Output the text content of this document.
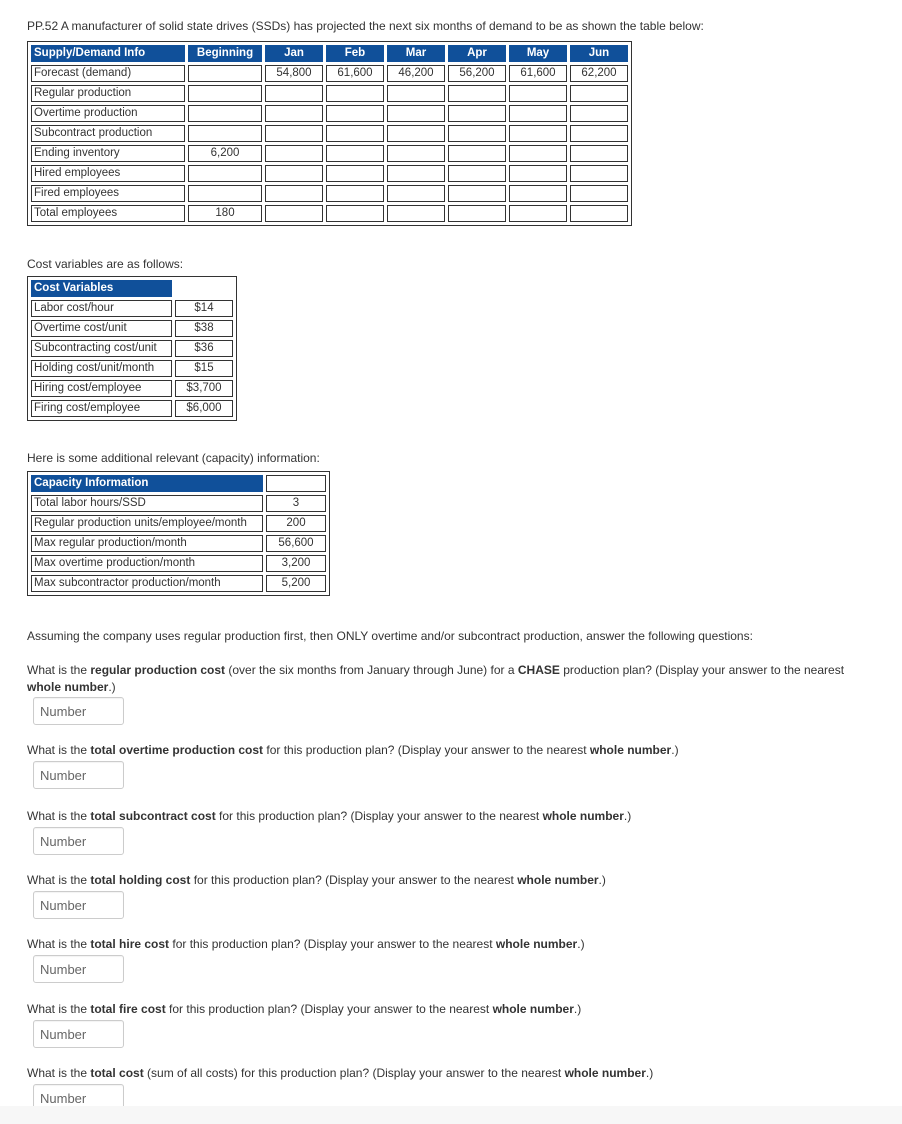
PP.52 A manufacturer of solid state drives (SSDs) has projected the next six months of demand to be as shown the table below:
Supply/Demand Info	Beginning	Jan	Feb	Mar	Apr	May	Jun
Forecast (demand)		54,800	61,600	46,200	56,200	61,600	62,200
Regular production							
Overtime production							
Subcontract production							
Ending inventory	6,200						
Hired employees							
Fired employees							
Total employees	180						
Cost variables are as follows:
Cost Variables	
Labor cost/hour	$14
Overtime cost/unit	$38
Subcontracting cost/unit	$36
Holding cost/unit/month	$15
Hiring cost/employee	$3,700
Firing cost/employee	$6,000
Here is some additional relevant (capacity) information:
Capacity Information	
Total labor hours/SSD	3
Regular production units/employee/month	200
Max regular production/month	56,600
Max overtime production/month	3,200
Max subcontractor production/month	5,200
Assuming the company uses regular production first, then ONLY overtime and/or subcontract production, answer the following questions:
What is the regular production cost (over the six months from January through June) for a CHASE production plan? (Display your answer to the nearest whole number.)
Number
What is the total overtime production cost for this production plan? (Display your answer to the nearest whole number.)
Number
What is the total subcontract cost for this production plan? (Display your answer to the nearest whole number.)
Number
What is the total holding cost for this production plan? (Display your answer to the nearest whole number.)
Number
What is the total hire cost for this production plan? (Display your answer to the nearest whole number.)
Number
What is the total fire cost for this production plan? (Display your answer to the nearest whole number.)
Number
What is the total cost (sum of all costs) for this production plan? (Display your answer to the nearest whole number.)
Number
